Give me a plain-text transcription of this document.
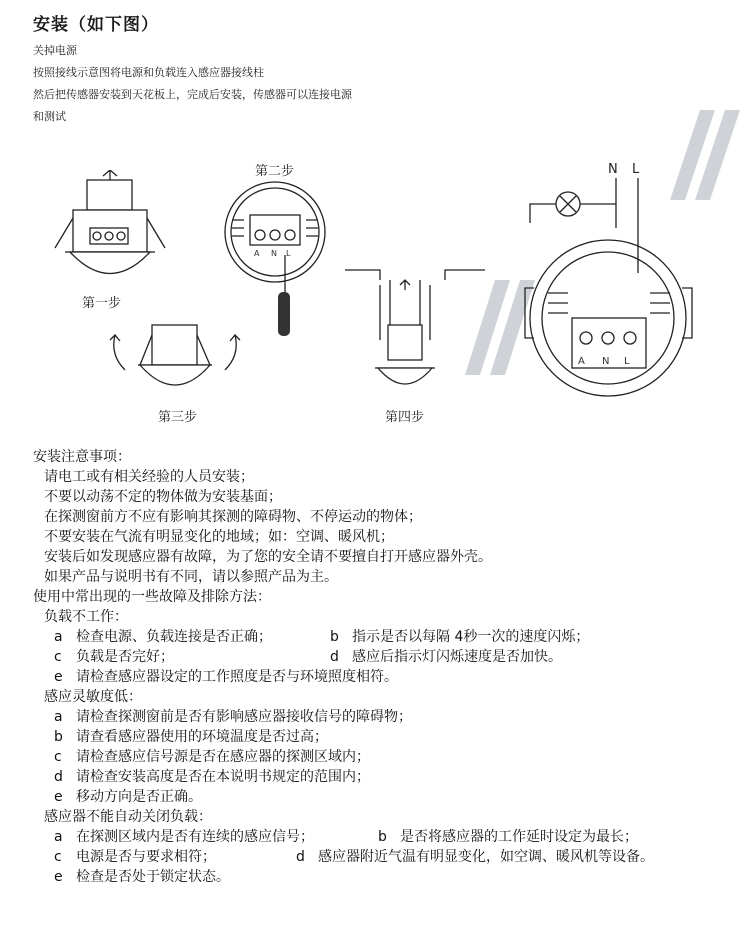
安装（如下图）
关掉电源
按照接线示意图将电源和负载连入感应器接线柱
然后把传感器安装到天花板上，完成后安装，传感器可以连接电源
和测试
第一步
第二步
A N L
第三步	第四步
N L
A N L
安装注意事项：
请电工或有相关经验的人员安装；
不要以动荡不定的物体做为安装基面；
在探测窗前方不应有影响其探测的障碍物、不停运动的物体；
不要安装在气流有明显变化的地域；如：空调、暖风机；
安装后如发现感应器有故障，为了您的安全请不要擅自打开感应器外壳。
如果产品与说明书有不同，请以参照产品为主。
使用中常出现的一些故障及排除方法：
负载不工作：
a 检查电源、负载连接是否正确；	b 指示是否以每隔 4秒一次的速度闪烁；
c 负载是否完好；	d 感应后指示灯闪烁速度是否加快。
e 请检查感应器设定的工作照度是否与环境照度相符。
感应灵敏度低：
a 请检查探测窗前是否有影响感应器接收信号的障碍物；
b 请查看感应器使用的环境温度是否过高；
c 请检查感应信号源是否在感应器的探测区域内；
d 请检查安装高度是否在本说明书规定的范围内；
e 移动方向是否正确。
感应器不能自动关闭负载：
a 在探测区域内是否有连续的感应信号；	b 是否将感应器的工作延时设定为最长；
c 电源是否与要求相符；	d 感应器附近气温有明显变化，如空调、暖风机等设备。
e 检查是否处于锁定状态。
